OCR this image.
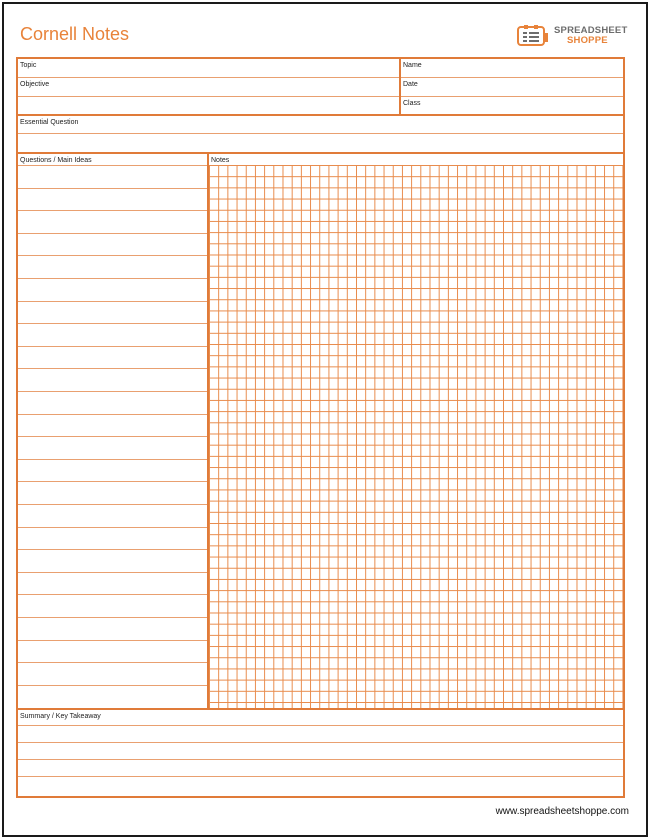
Cornell Notes	SPREADSHEET
SHOPPE
Topic
Objective
Name
Date
Class
Essential Question
Questions / Main Ideas	Notes
Summary / Key Takeaway
www.spreadsheetshoppe.com
